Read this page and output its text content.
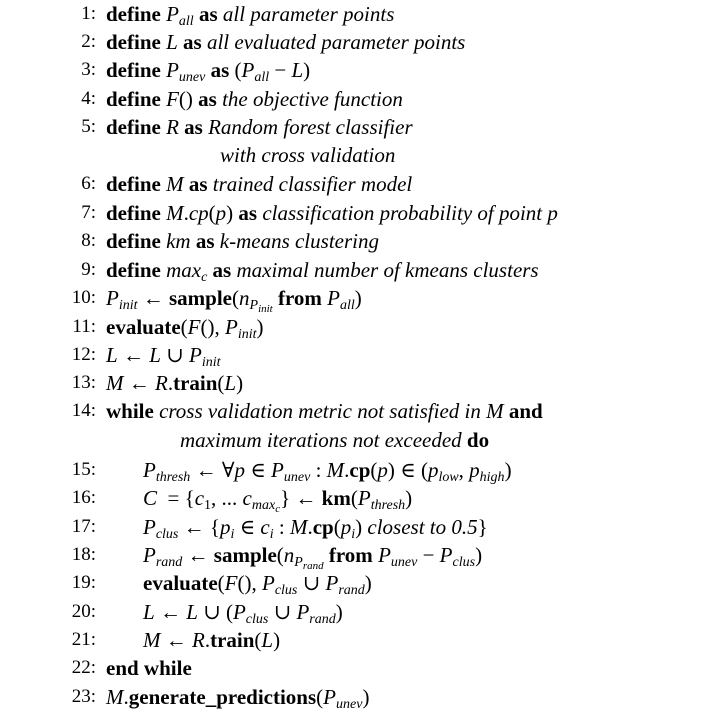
1: define $P_{all}$ as all parameter points
2: define L as all evaluated parameter points
3: define $P_{unev}$ as $(P_{all} - L)$
4: define F() as the objective function
5: define R as Random forest classifier
with cross validation
6: define M as trained classifier model
7: define M.cp(p) as classification probability of point p
8: define km as k-means clustering
9: define $\max_c$ as maximal number of kmeans clusters
10: $P_{init}$ ← $sample(n_{P_{init}}$ from $P_{all}$)
11: evaluate(F(), $P_{init}$)
12: L ← L ∪ $P_{init}$
13: M ← R.train(L)
14: while cross validation metric not satisfied in M and
maximum iterations not exceeded do
15: $P_{thresh}$ ← ∀p ∈ $P_{unev}$ : M.cp(p) ∈ ($p_{low}$, $p_{high}$)
16: $C = \{c_1$, ... $c_{max_c}$} ← $km(P_{thresh})$
17: $P_{clus}$ ← {$p_i$ ∈ $c_i$ : $M.cp(p_i)$ closest to 0.5}
18: $P_{rand}$ ← $sample(n_{P_{rand}}$ from $P_{unev} - P_{clus}$)
19: evaluate(F(), $P_{clus}$ ∪ $P_{rand}$)
20: L ← L ∪ ($P_{clus}$ ∪ $P_{rand}$)
21: M ← R.train(L)
22: end while
23: $M.generate\_predictions(P_{unev})$
